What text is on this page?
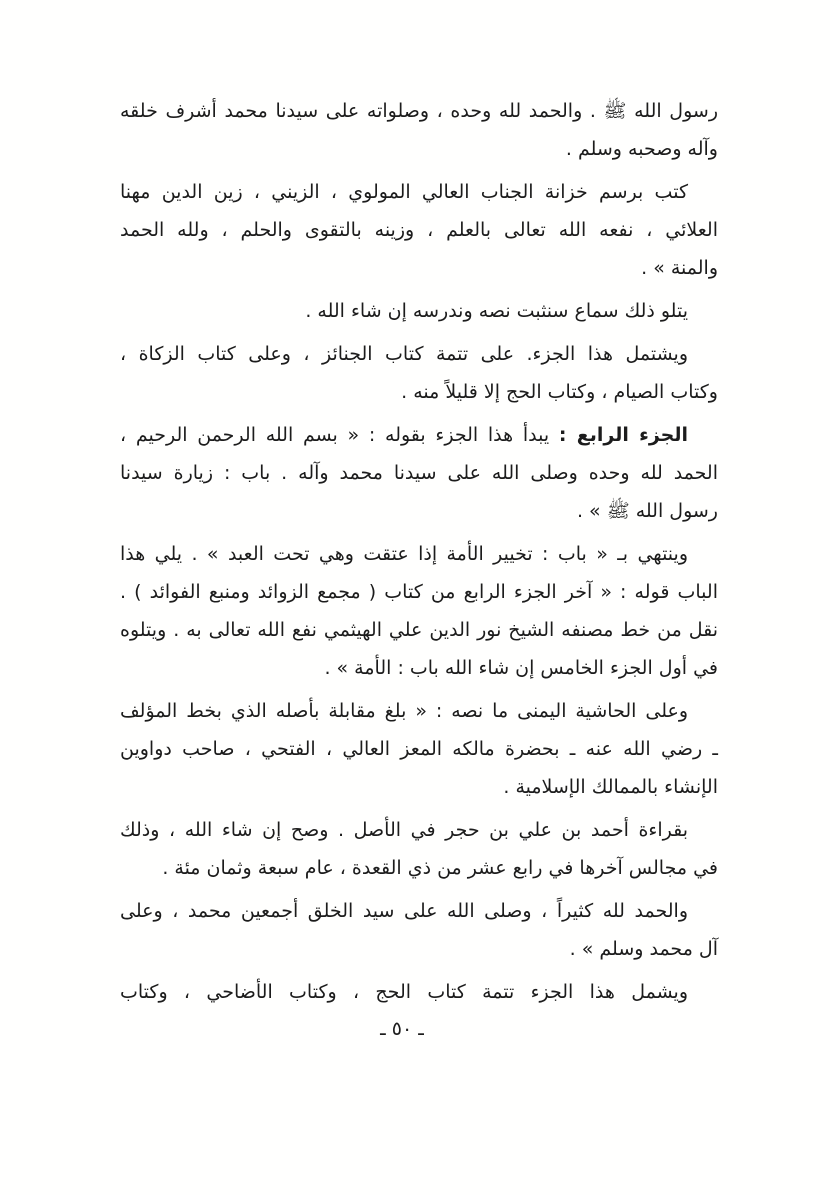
رسول الله ﷺ . والحمد لله وحده ، وصلواته على سيدنا محمد أشرف خلقه
وآله وصحبه وسلم .
كتب برسم خزانة الجناب العالي المولوي ، الزيني ، زين الدين مهنا
العلائي ، نفعه الله تعالى بالعلم ، وزينه بالتقوى والحلم ، ولله الحمد
والمنة » .
يتلو ذلك سماع سنثبت نصه وندرسه إن شاء الله .
ويشتمل هذا الجزء. على تتمة كتاب الجنائز ، وعلى كتاب الزكاة ،
وكتاب الصيام ، وكتاب الحج إلا قليلاً منه .
الجزء الرابع : يبدأ هذا الجزء بقوله : « بسم الله الرحمن الرحيم ،
الحمد لله وحده وصلى الله على سيدنا محمد وآله . باب : زيارة سيدنا
رسول الله ﷺ » .
وينتهي بـ « باب : تخيير الأمة إذا عتقت وهي تحت العبد » . يلي هذا
الباب قوله : « آخر الجزء الرابع من كتاب ( مجمع الزوائد ومنبع الفوائد ) .
نقل من خط مصنفه الشيخ نور الدين علي الهيثمي نفع الله تعالى به . ويتلوه
في أول الجزء الخامس إن شاء الله باب : الأمة » .
وعلى الحاشية اليمنى ما نصه : « بلغ مقابلة بأصله الذي بخط المؤلف
ـ رضي الله عنه ـ بحضرة مالكه المعز العالي ، الفتحي ، صاحب دواوين
الإنشاء بالممالك الإسلامية .
بقراءة أحمد بن علي بن حجر في الأصل . وصح إن شاء الله ، وذلك
في مجالس آخرها في رابع عشر من ذي القعدة ، عام سبعة وثمان مئة .
والحمد لله كثيراً ، وصلى الله على سيد الخلق أجمعين محمد ، وعلى
آل محمد وسلم » .
ويشمل هذا الجزء تتمة كتاب الحج ، وكتاب الأضاحي ، وكتاب
ـ ٥٠ ـ
